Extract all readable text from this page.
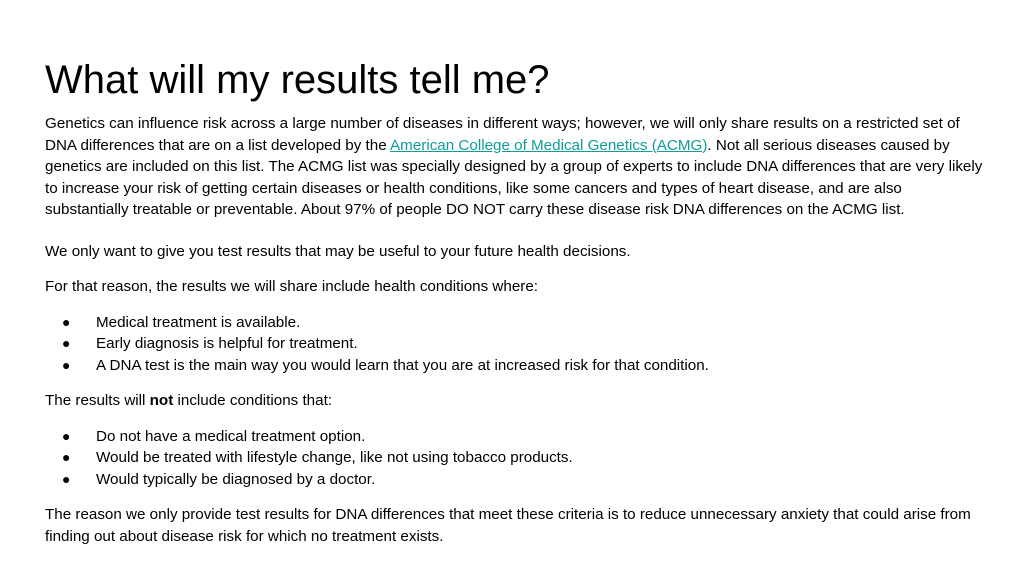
What will my results tell me?

Genetics can influence risk across a large number of diseases in different ways; however, we will only share results on a restricted set of DNA differences that are on a list developed by the American College of Medical Genetics (ACMG). Not all serious diseases caused by genetics are included on this list. The ACMG list was specially designed by a group of experts to include DNA differences that are very likely to increase your risk of getting certain diseases or health conditions, like some cancers and types of heart disease, and are also substantially treatable or preventable. About 97% of people DO NOT carry these disease risk DNA differences on the ACMG list.

We only want to give you test results that may be useful to your future health decisions.

For that reason, the results we will share include health conditions where:

● Medical treatment is available.
● Early diagnosis is helpful for treatment.
● A DNA test is the main way you would learn that you are at increased risk for that condition.

The results will not include conditions that:

● Do not have a medical treatment option.
● Would be treated with lifestyle change, like not using tobacco products.
● Would typically be diagnosed by a doctor.

The reason we only provide test results for DNA differences that meet these criteria is to reduce unnecessary anxiety that could arise from finding out about disease risk for which no treatment exists.
